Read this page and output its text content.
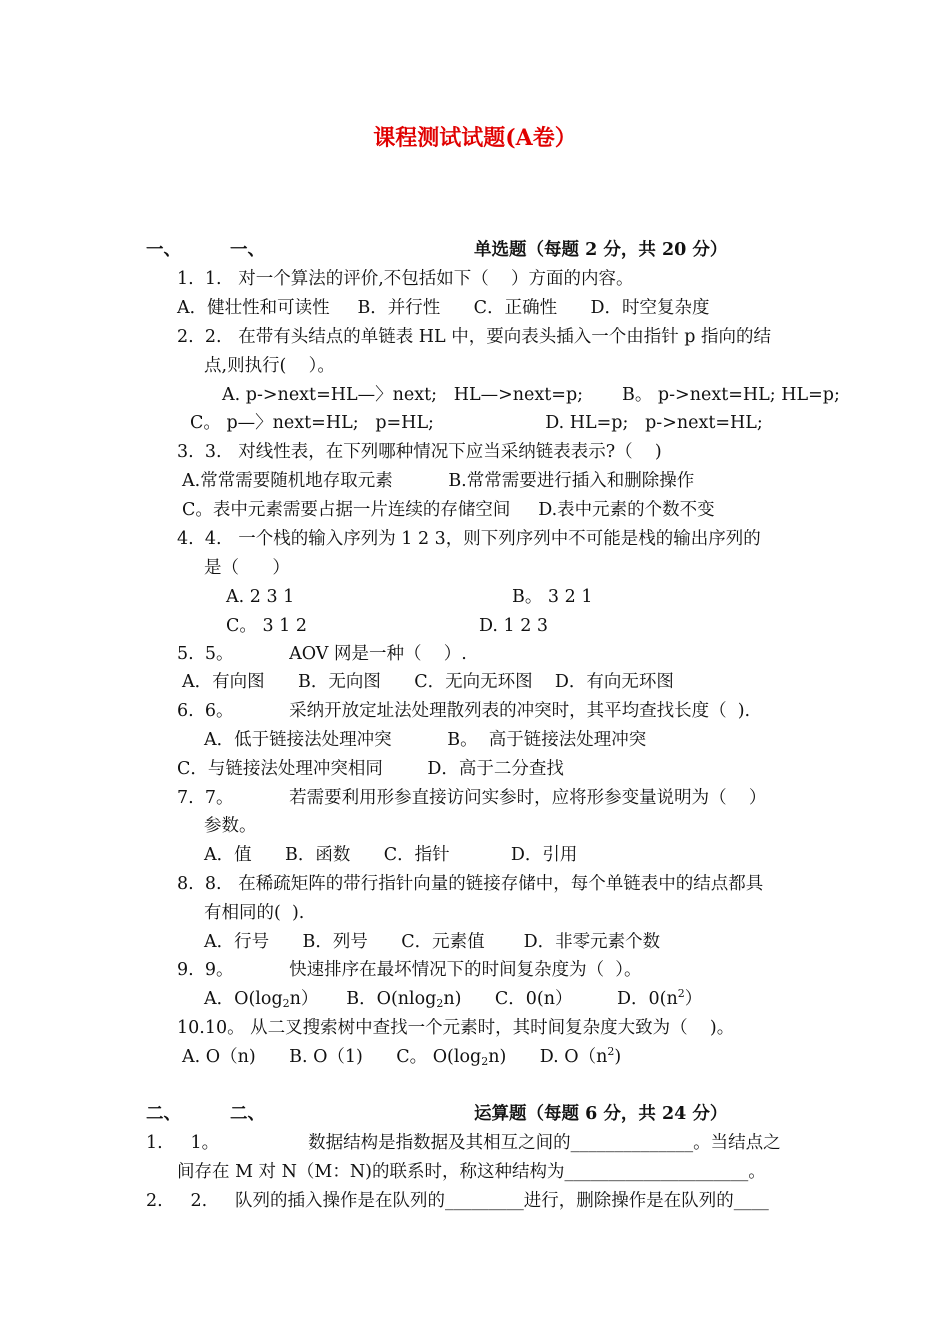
课程测试试题(A卷）
一、	一、	单选题（每题 2 分，共 20 分）
1.  1.   对一个算法的评价,不包括如下（    ）方面的内容。
A．健壮性和可读性     B．并行性      C．正确性      D．时空复杂度
2.  2.   在带有头结点的单链表 HL 中，要向表头插入一个由指针 p 指向的结
点,则执行(    ）。
A. p->next=HL—〉next;   HL—>next=p;       B。 p->next=HL; HL=p;
C。 p—〉next=HL;   p=HL;                    D. HL=p;   p->next=HL;
3.  3.   对线性表，在下列哪种情况下应当采纳链表表示?（    )
A.常常需要随机地存取元素          B.常常需要进行插入和删除操作
C。表中元素需要占据一片连续的存储空间     D.表中元素的个数不变
4.  4.   一个栈的输入序列为 1 2 3，则下列序列中不可能是栈的输出序列的
是（      ）
A. 2 3 1	B。 3 2 1
C。 3 1 2	D. 1 2 3
5.  5。          AOV 网是一种（    ）.
A．有向图      B．无向图      C．无向无环图    D．有向无环图
6.  6。          采纳开放定址法处理散列表的冲突时，其平均查找长度（  ).
A．低于链接法处理冲突          B。  高于链接法处理冲突
C．与链接法处理冲突相同        D．高于二分查找
7.  7。          若需要利用形参直接访问实参时，应将形参变量说明为（    ）
参数。
A．值      B．函数      C．指针           D．引用
8.  8.   在稀疏矩阵的带行指针向量的链接存储中，每个单链表中的结点都具
有相同的(  ).
A．行号      B．列号      C．元素值       D．非零元素个数
9.  9。          快速排序在最坏情况下的时间复杂度为（  ）。
A．$O(\log_2n)$     B．O(nlog$_2$n)      C．0(n）        D．$0(n^2)$
10.10。 从二叉搜索树中查找一个元素时，其时间复杂度大致为（    )。
A. O（n)      B. O（1)      C。 $O(\log_2n)$      D. $O(n^2)$
二、	二、	运算题（每题 6 分，共 24 分）
1.     1。                数据结构是指数据及其相互之间的______________。当结点之
间存在 M 对 N（M：N)的联系时，称这种结构为_____________________。
2.     2.     队列的插入操作是在队列的_________进行，删除操作是在队列的____
